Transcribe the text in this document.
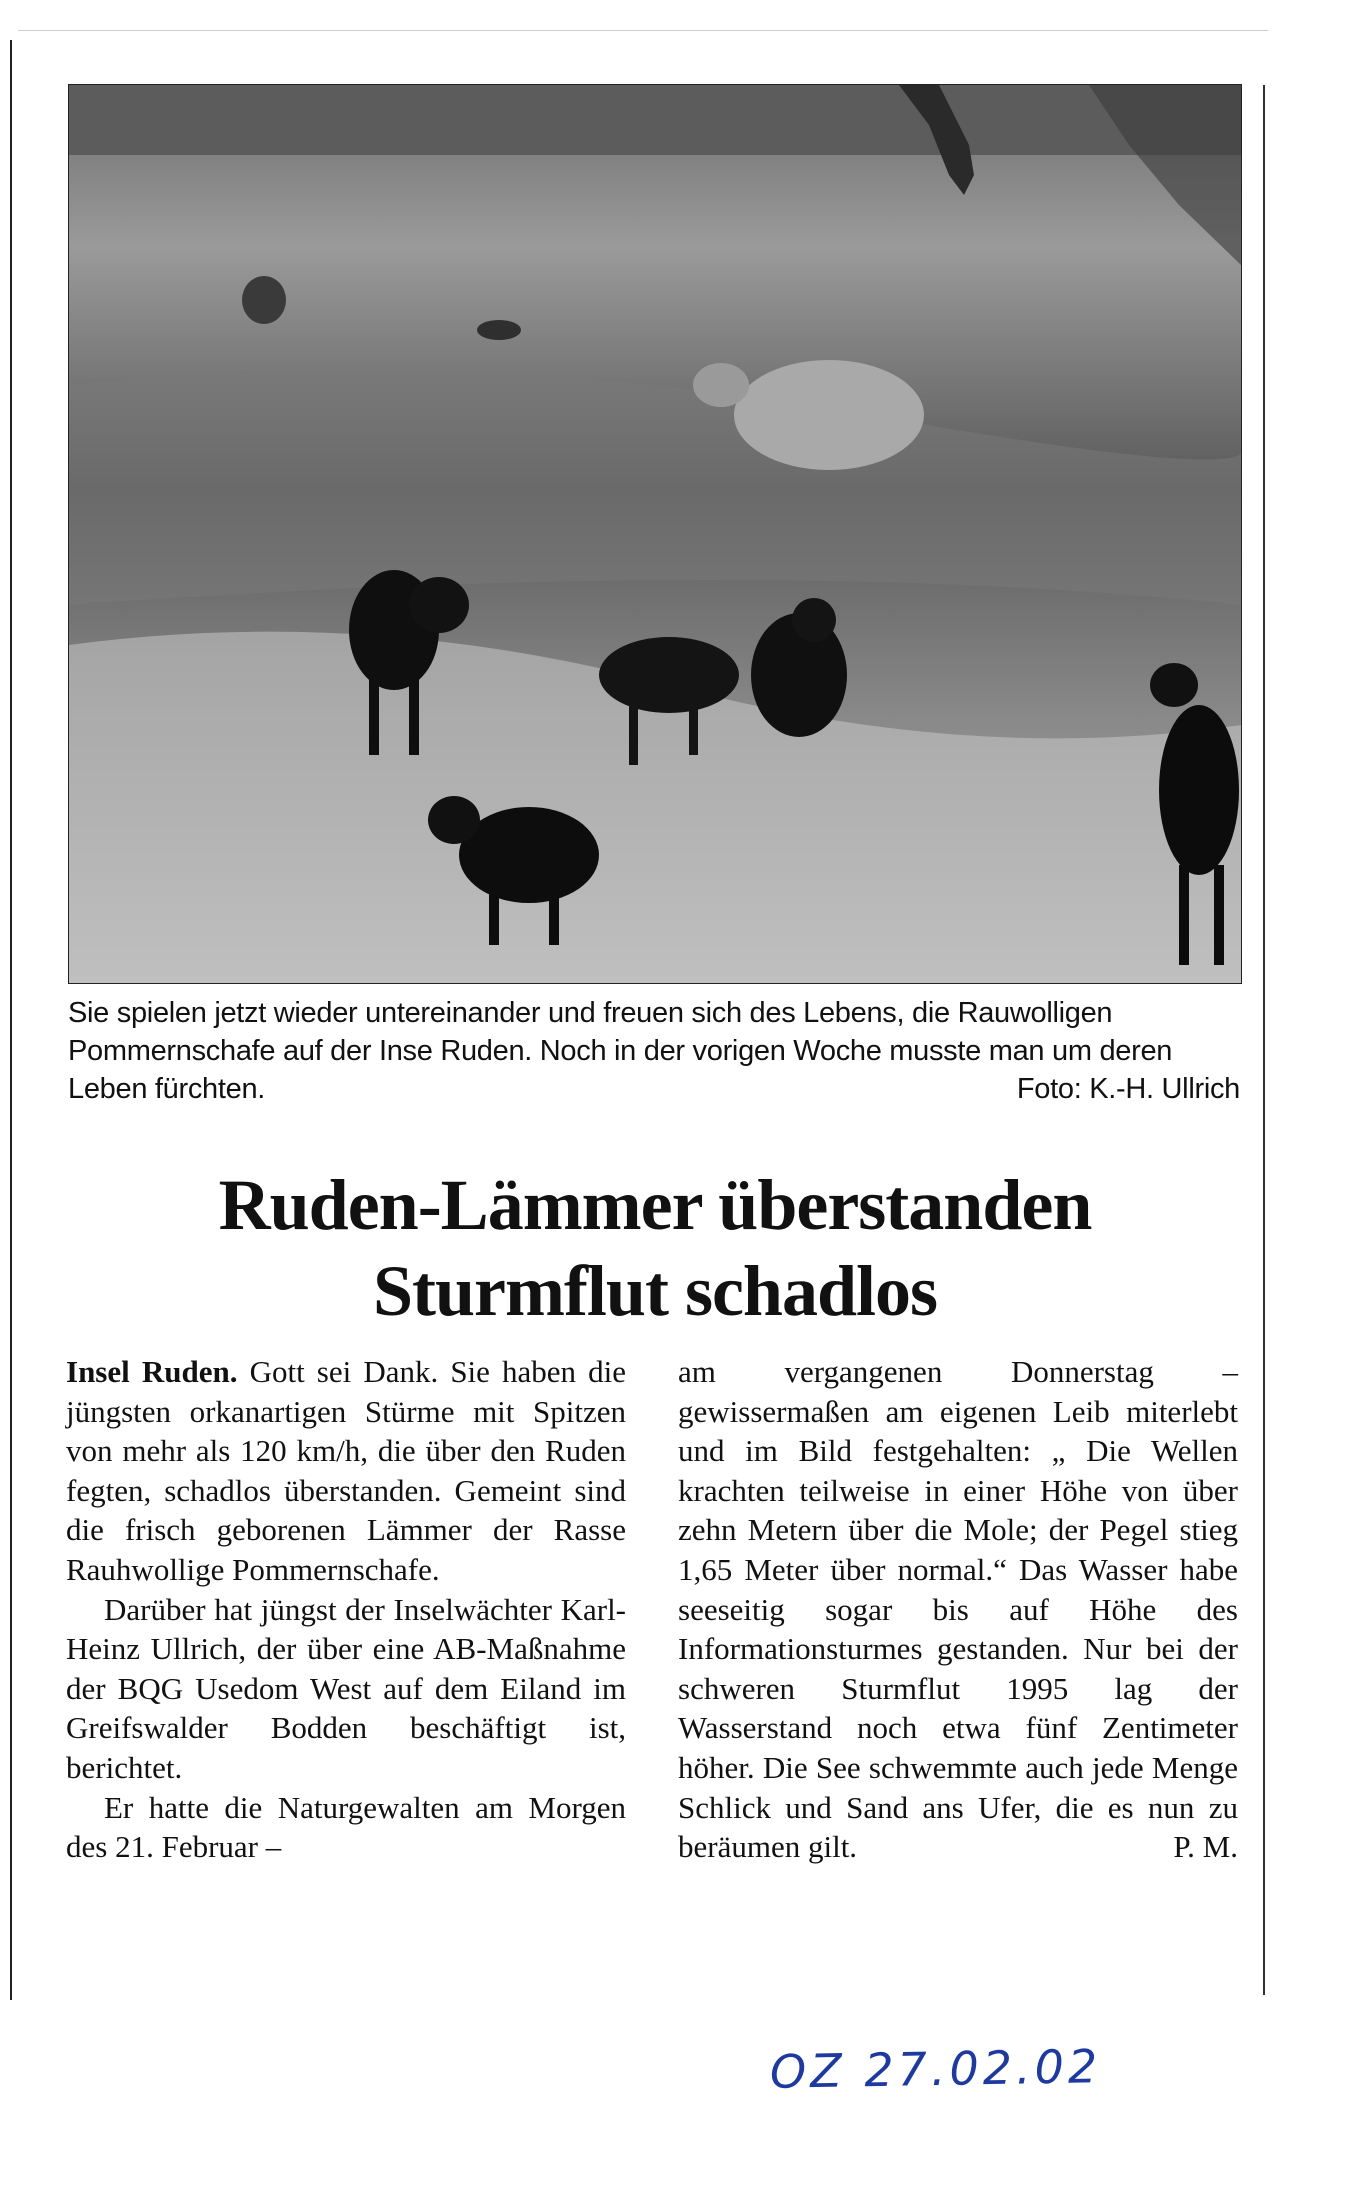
Sie spielen jetzt wieder untereinander und freuen sich des Lebens, die Rauwolligen Pommernschafe auf der Inse Ruden. Noch in der vorigen Woche musste man um deren Leben fürchten.	Foto: K.-H. Ullrich

Ruden-Lämmer überstanden
Sturmflut schadlos

Insel Ruden. Gott sei Dank. Sie haben die jüngsten orkanartigen Stürme mit Spitzen von mehr als 120 km/h, die über den Ruden fegten, schadlos überstanden. Gemeint sind die frisch geborenen Lämmer der Rasse Rauhwollige Pommernschafe.

Darüber hat jüngst der Inselwächter Karl-Heinz Ullrich, der über eine AB-Maßnahme der BQG Usedom West auf dem Eiland im Greifswalder Bodden beschäftigt ist, berichtet.

Er hatte die Naturgewalten am Morgen des 21. Februar –

am vergangenen Donnerstag – gewissermaßen am eigenen Leib miterlebt und im Bild festgehalten: „ Die Wellen krachten teilweise in einer Höhe von über zehn Metern über die Mole; der Pegel stieg 1,65 Meter über normal.“ Das Wasser habe seeseitig sogar bis auf Höhe des Informationsturmes gestanden. Nur bei der schweren Sturmflut 1995 lag der Wasserstand noch etwa fünf Zentimeter höher. Die See schwemmte auch jede Menge Schlick und Sand ans Ufer, die es nun zu beräumen gilt.	P. M.

OZ 27.02.02
